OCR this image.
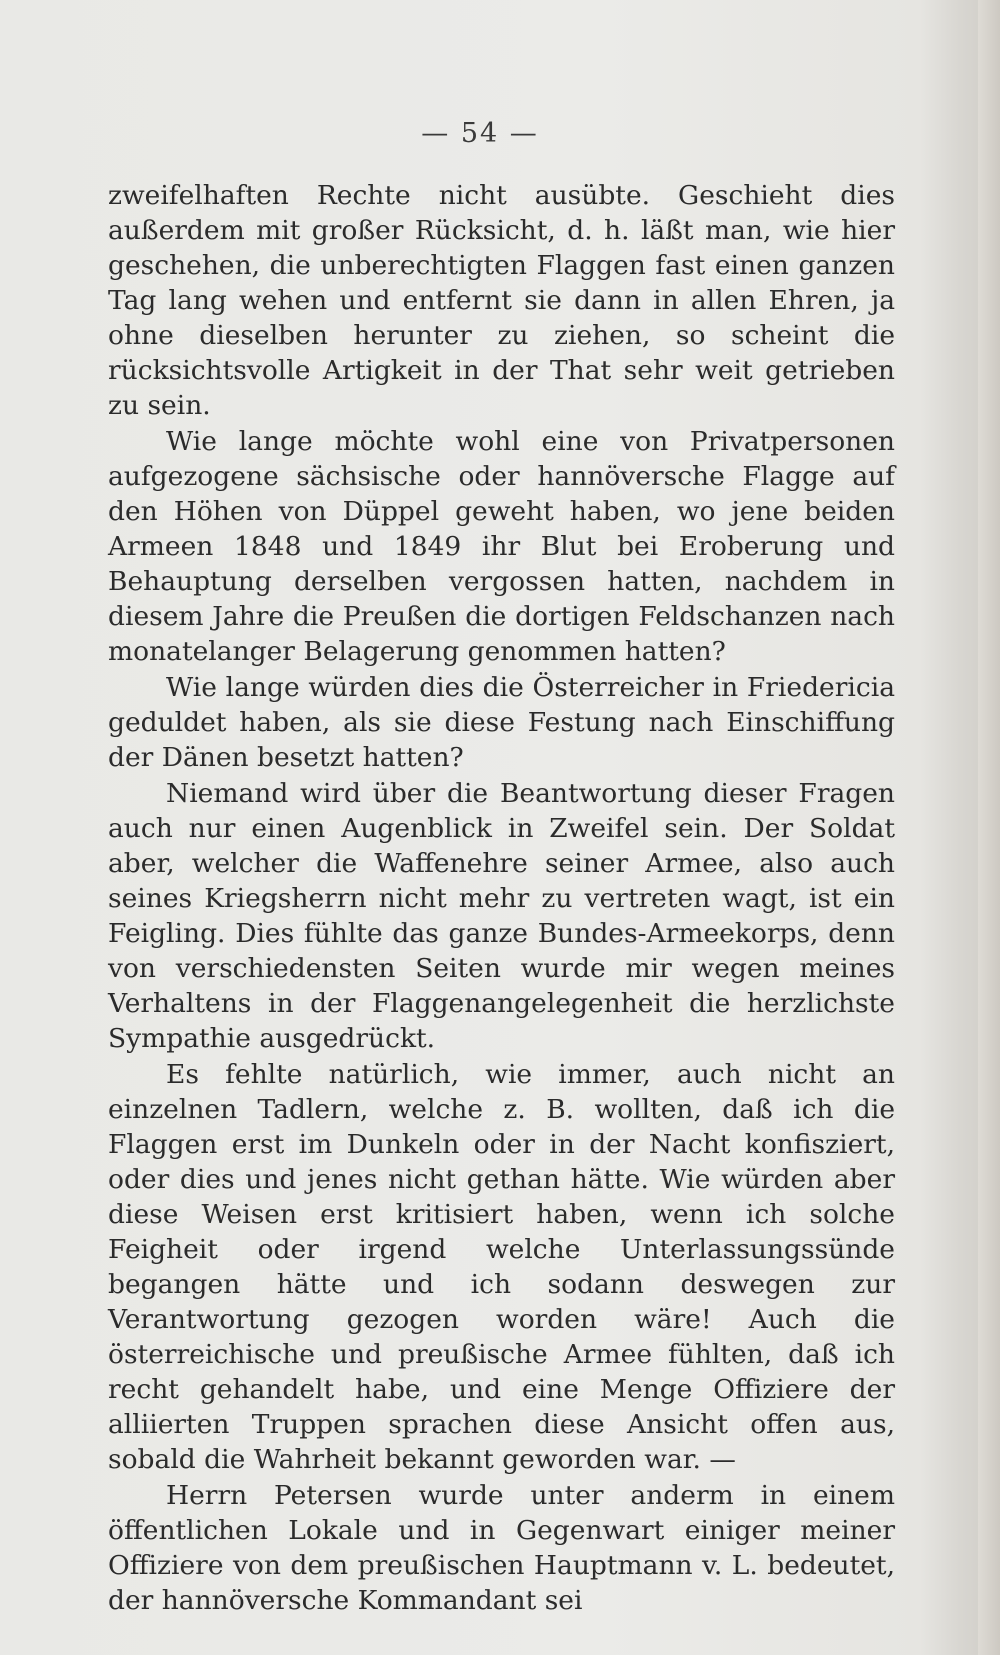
— 54 —

zweifelhaften Rechte nicht ausübte. Geschieht dies außerdem mit großer Rücksicht, d. h. läßt man, wie hier geschehen, die unberechtigten Flaggen fast einen ganzen Tag lang wehen und entfernt sie dann in allen Ehren, ja ohne dieselben herunter zu ziehen, so scheint die rücksichtsvolle Artigkeit in der That sehr weit getrieben zu sein.

Wie lange möchte wohl eine von Privatpersonen aufgezogene sächsische oder hannöversche Flagge auf den Höhen von Düppel geweht haben, wo jene beiden Armeen 1848 und 1849 ihr Blut bei Eroberung und Behauptung derselben vergossen hatten, nachdem in diesem Jahre die Preußen die dortigen Feldschanzen nach monatelanger Belagerung genommen hatten?

Wie lange würden dies die Österreicher in Friedericia geduldet haben, als sie diese Festung nach Einschiffung der Dänen besetzt hatten?

Niemand wird über die Beantwortung dieser Fragen auch nur einen Augenblick in Zweifel sein. Der Soldat aber, welcher die Waffenehre seiner Armee, also auch seines Kriegsherrn nicht mehr zu vertreten wagt, ist ein Feigling. Dies fühlte das ganze Bundes-Armeekorps, denn von verschiedensten Seiten wurde mir wegen meines Verhaltens in der Flaggenangelegenheit die herzlichste Sympathie ausgedrückt.

Es fehlte natürlich, wie immer, auch nicht an einzelnen Tadlern, welche z. B. wollten, daß ich die Flaggen erst im Dunkeln oder in der Nacht konfisziert, oder dies und jenes nicht gethan hätte. Wie würden aber diese Weisen erst kritisiert haben, wenn ich solche Feigheit oder irgend welche Unterlassungssünde begangen hätte und ich sodann deswegen zur Verantwortung gezogen worden wäre! Auch die österreichische und preußische Armee fühlten, daß ich recht gehandelt habe, und eine Menge Offiziere der alliierten Truppen sprachen diese Ansicht offen aus, sobald die Wahrheit bekannt geworden war. —

Herrn Petersen wurde unter anderm in einem öffentlichen Lokale und in Gegenwart einiger meiner Offiziere von dem preußischen Hauptmann v. L. bedeutet, der hannöversche Kommandant sei
